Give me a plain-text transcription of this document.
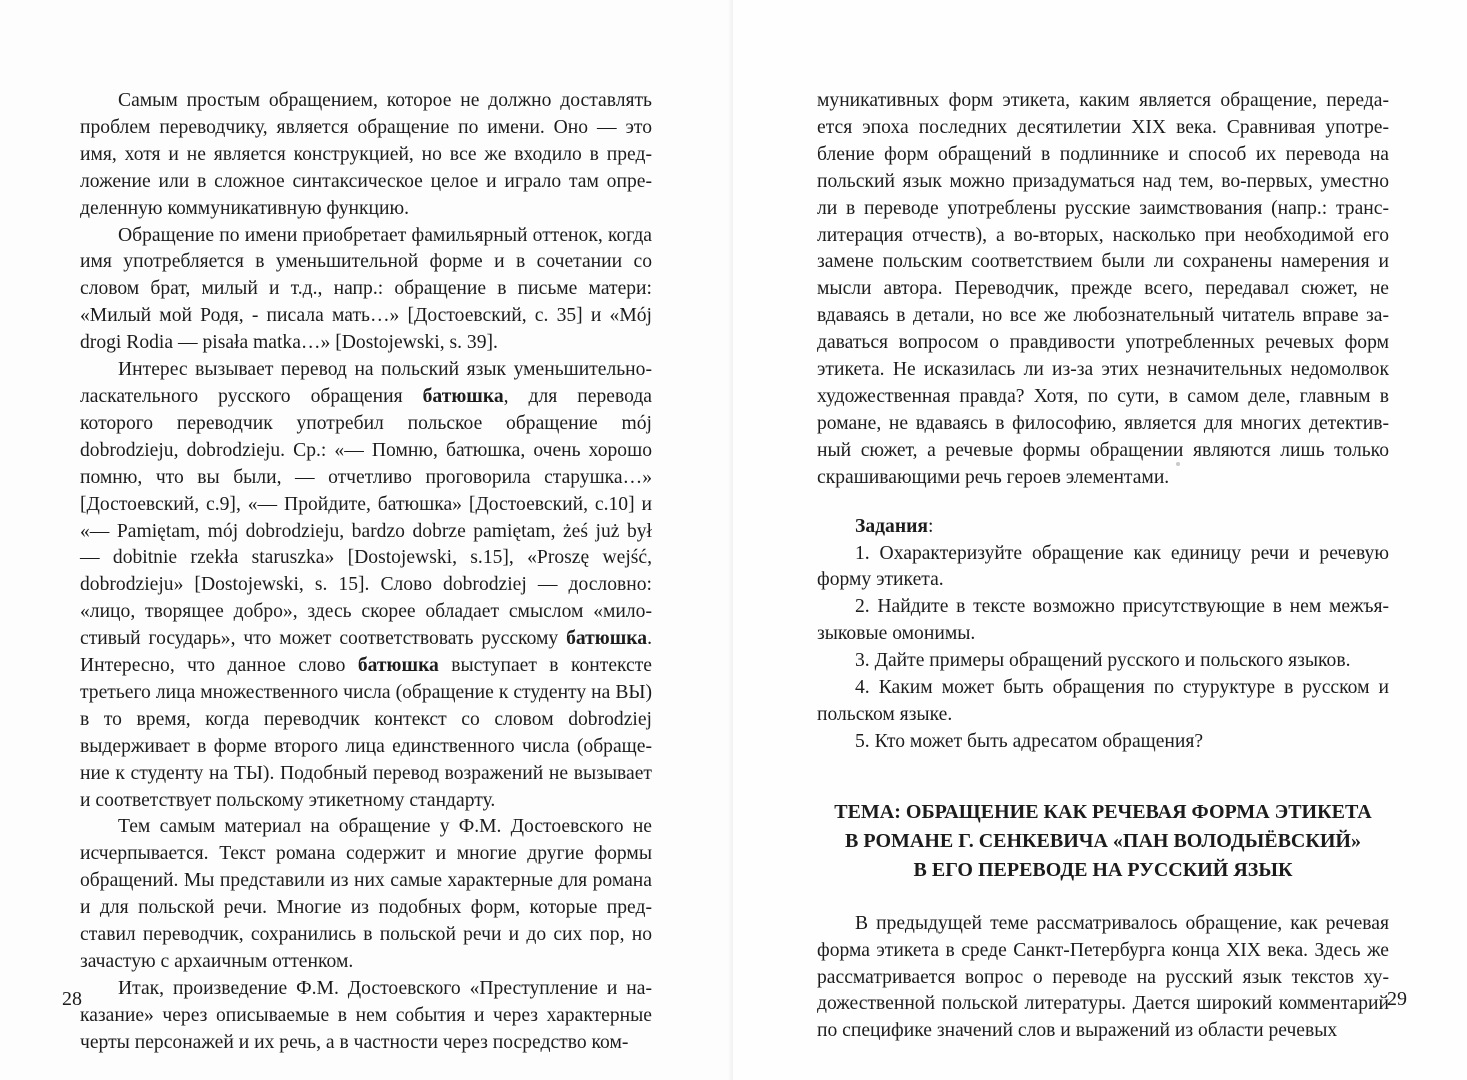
Самым простым обращением, которое не должно доставлять проблем переводчику, является обращение по имени. Оно — это имя, хотя и не является конструкцией, но все же входило в предложение или в сложное синтаксическое целое и играло там определенную коммуникативную функцию.

Обращение по имени приобретает фамильярный оттенок, когда имя употребляется в уменьшительной форме и в сочетании со словом брат, милый и т.д., напр.: обращение в письме матери: «Милый мой Родя, - писала мать…» [Достоевский, с. 35] и «Mój drogi Rodia — pisała matka…» [Dostojewski, s. 39].

Интерес вызывает перевод на польский язык уменьшительно-ласкательного русского обращения батюшка, для перевода которого переводчик употребил польское обращение mój dobrodzieju, dobrodzieju. Ср.: «— Помню, батюшка, очень хорошо помню, что вы были, — отчетливо проговорила старушка…» [Достоевский, с.9], «— Пройдите, батюшка» [Достоевский, с.10] и «— Pamiętam, mój dobrodzieju, bardzo dobrze pamiętam, żeś już był — dobitnie rzekła staruszka» [Dostojewski, s.15], «Proszę wejść, dobrodzieju» [Dostojewski, s. 15]. Слово dobrodziej — дословно: «лицо, творящее добро», здесь скорее обладает смыслом «милостивый государь», что может соответствовать русскому батюшка. Интересно, что данное слово батюшка выступает в контексте третьего лица множественного числа (обращение к студенту на ВЫ) в то время, когда переводчик контекст со словом dobrodziej выдерживает в форме второго лица единственного числа (обращение к студенту на ТЫ). Подобный перевод возражений не вызывает и соответствует польскому этикетному стандарту.

Тем самым материал на обращение у Ф.М. Достоевского не исчерпывается. Текст романа содержит и многие другие формы обращений. Мы представили из них самые характерные для романа и для польской речи. Многие из подобных форм, которые представил переводчик, сохранились в польской речи и до сих пор, но зачастую с архаичным оттенком.

Итак, произведение Ф.М. Достоевского «Преступление и наказание» через описываемые в нем события и через характерные черты персонажей и их речь, а в частности через посредство ком-

28

муникативных форм этикета, каким является обращение, передается эпоха последних десятилетии XIX века. Сравнивая употребление форм обращений в подлиннике и способ их перевода на польский язык можно призадуматься над тем, во-первых, уместно ли в переводе употреблены русские заимствования (напр.: транслитерация отчеств), а во-вторых, насколько при необходимой его замене польским соответствием были ли сохранены намерения и мысли автора. Переводчик, прежде всего, передавал сюжет, не вдаваясь в детали, но все же любознательный читатель вправе задаваться вопросом о правдивости употребленных речевых форм этикета. Не исказилась ли из-за этих незначительных недомолвок художественная правда? Хотя, по сути, в самом деле, главным в романе, не вдаваясь в философию, является для многих детективный сюжет, а речевые формы обращении являются лишь только скрашивающими речь героев элементами.

Задания:

1. Охарактеризуйте обращение как единицу речи и речевую форму этикета.

2. Найдите в тексте возможно присутствующие в нем межъязыковые омонимы.

3. Дайте примеры обращений русского и польского языков.

4. Каким может быть обращения по стуруктуре в русском и польском языке.

5. Кто может быть адресатом обращения?

ТЕМА: ОБРАЩЕНИЕ КАК РЕЧЕВАЯ ФОРМА ЭТИКЕТА
В РОМАНЕ Г. СЕНКЕВИЧА «ПАН ВОЛОДЫЁВСКИЙ»
В ЕГО ПЕРЕВОДЕ НА РУССКИЙ ЯЗЫК

В предыдущей теме рассматривалось обращение, как речевая форма этикета в среде Санкт-Петербурга конца XIX века. Здесь же рассматривается вопрос о переводе на русский язык текстов художественной польской литературы. Дается широкий комментарий по специфике значений слов и выражений из области речевых

29
